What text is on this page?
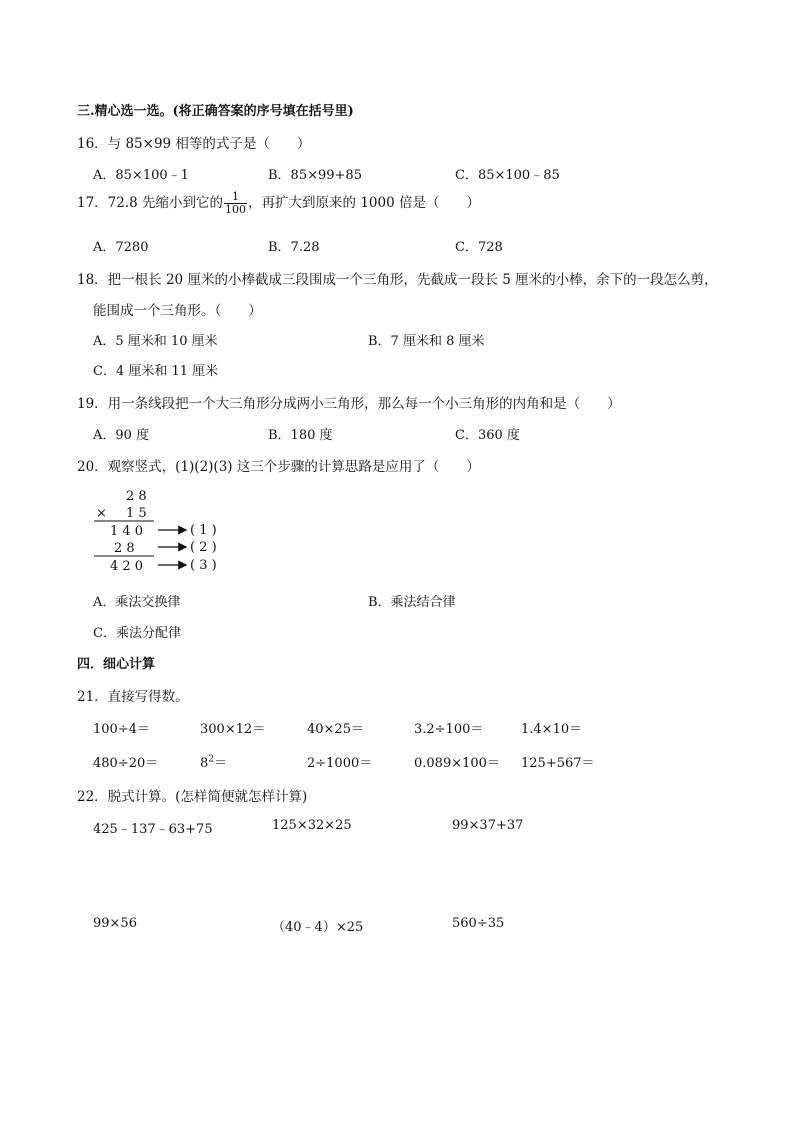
三.精心选一选。(将正确答案的序号填在括号里)
16．与 85×99 相等的式子是（　　）
A．85×100﹣1	B．85×99+85	C．85×100﹣85
17．72.8 先缩小到它的 $\frac{1}{100}$ ，再扩大到原来的 1000 倍是（　　）
A．7280	B．7.28	C．728
18．把一根长 20 厘米的小棒截成三段围成一个三角形，先截成一段长 5 厘米的小棒，余下的一段怎么剪，
能围成一个三角形。（　　）
A．5 厘米和 10 厘米	B．7 厘米和 8 厘米
C．4 厘米和 11 厘米
19．用一条线段把一个大三角形分成两小三角形，那么每一个小三角形的内角和是（　　）
A．90 度	B．180 度	C．360 度
20．观察竖式，(1)(2)(3) 这三个步骤的计算思路是应用了（　　）
2 8
× 1 5
1 4 0
2 8
4 2 0
( 1 )
( 2 )
( 3 )
A．乘法交换律	B．乘法结合律
C．乘法分配律
四．细心计算
21．直接写得数。
100÷4＝	300×12＝	40×25＝	3.2÷100＝	1.4×10＝
480÷20＝	$8^2=$	2÷1000＝	0.089×100＝ 125+567＝
22．脱式计算。(怎样简便就怎样计算)
425﹣137﹣63+75	125×32×25	99×37+37
99×56	（40﹣4）×25	560÷35
